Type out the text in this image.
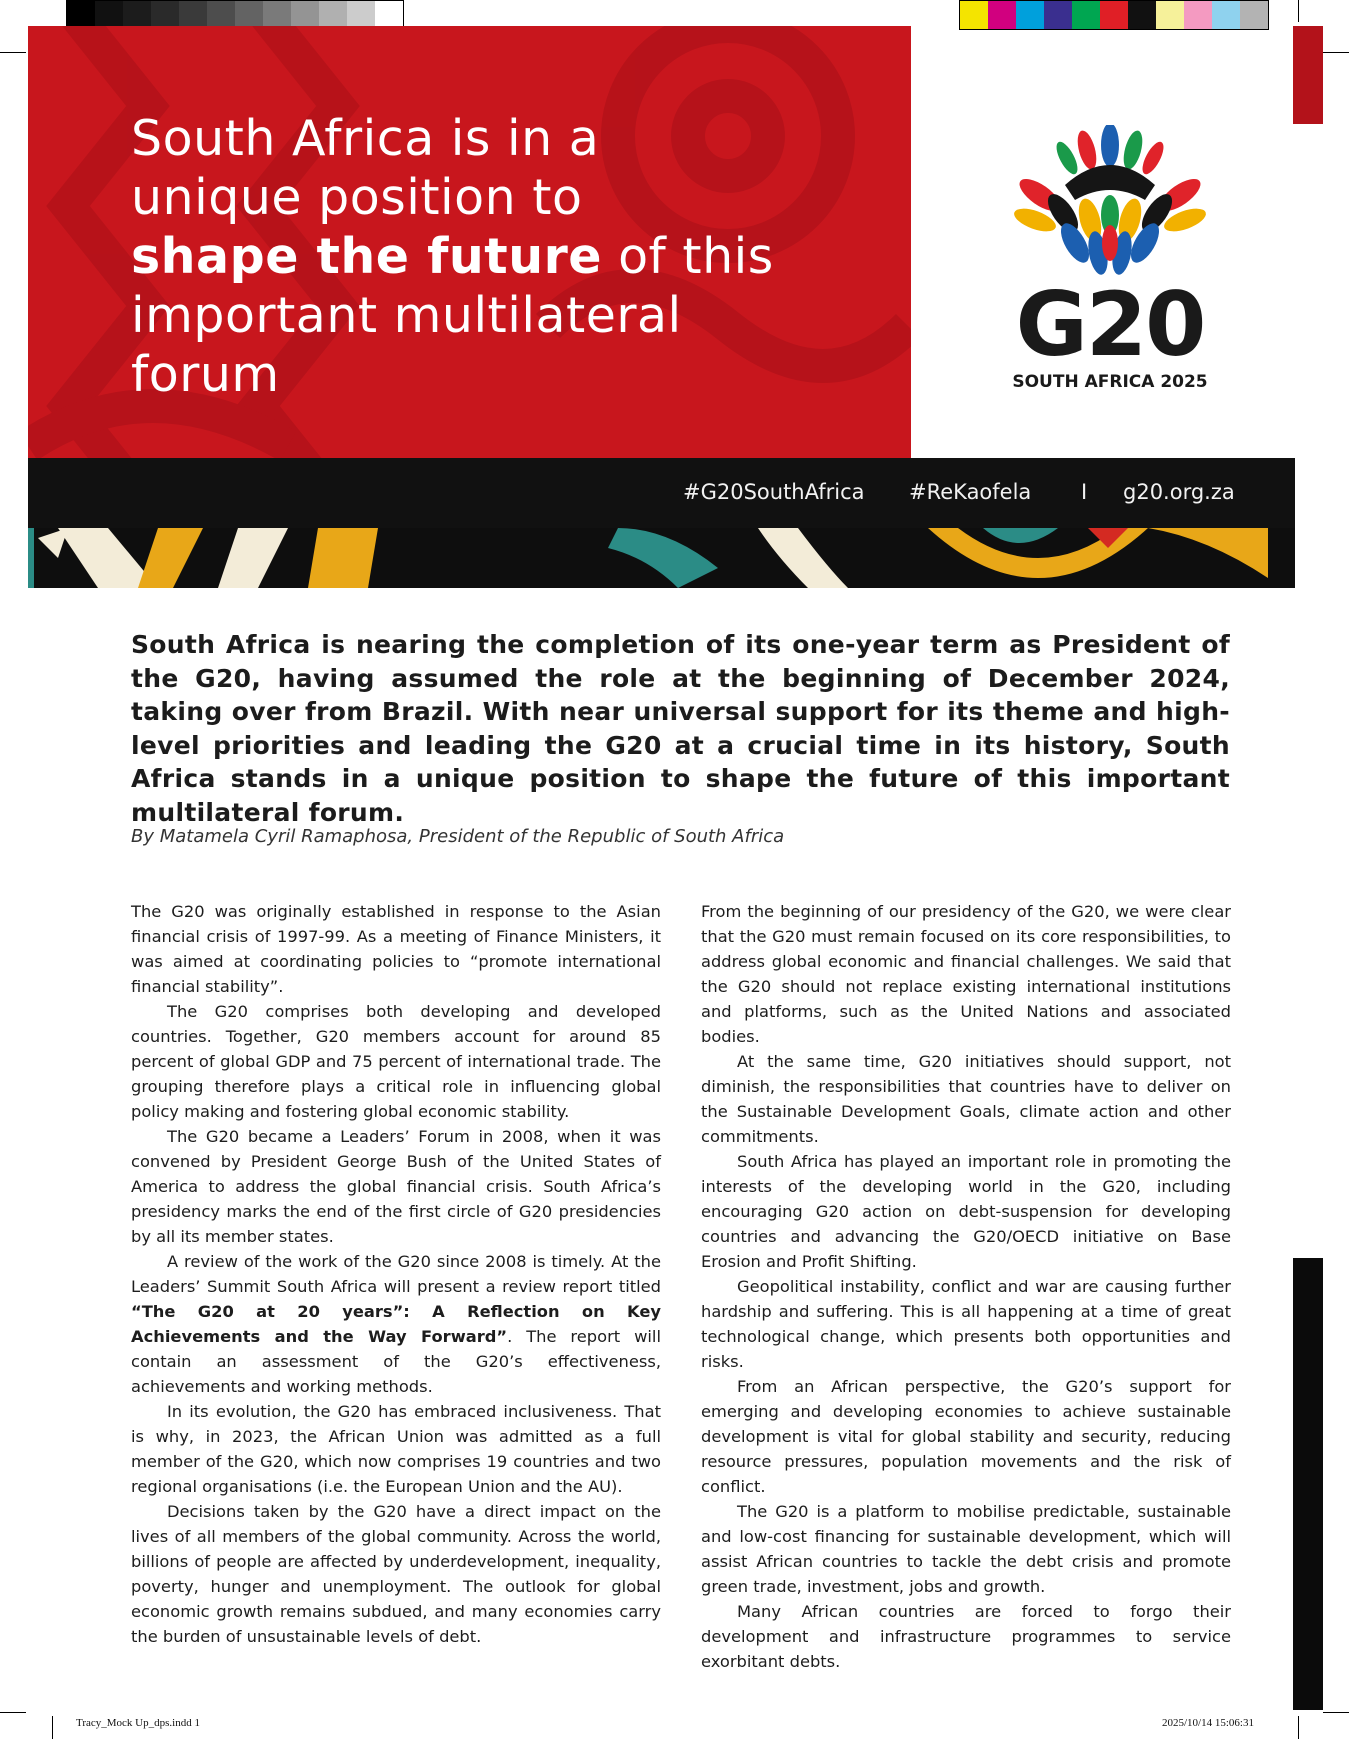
South Africa is in a
unique position to
shape the future of this
important multilateral
forum	G20
SOUTH AFRICA 2025
#G20SouthAfrica #ReKaofela I g20.org.za

South Africa is nearing the completion of its one-year term as President of the G20, having assumed the role at the beginning of December 2024, taking over from Brazil. With near universal support for its theme and high-level priorities and leading the G20 at a crucial time in its history, South Africa stands in a unique position to shape the future of this important multilateral forum.

By Matamela Cyril Ramaphosa, President of the Republic of South Africa

The G20 was originally established in response to the Asian financial crisis of 1997-99. As a meeting of Finance Ministers, it was aimed at coordinating policies to “promote international financial stability”.

The G20 comprises both developing and developed countries. Together, G20 members account for around 85 percent of global GDP and 75 percent of international trade. The grouping therefore plays a critical role in influencing global policy making and fostering global economic stability.

The G20 became a Leaders’ Forum in 2008, when it was convened by President George Bush of the United States of America to address the global financial crisis. South Africa’s presidency marks the end of the first circle of G20 presidencies by all its member states.

A review of the work of the G20 since 2008 is timely. At the Leaders’ Summit South Africa will present a review report titled “The G20 at 20 years”: A Reflection on Key Achievements and the Way Forward”. The report will contain an assessment of the G20’s effectiveness, achievements and working methods.

In its evolution, the G20 has embraced inclusiveness. That is why, in 2023, the African Union was admitted as a full member of the G20, which now comprises 19 countries and two regional organisations (i.e. the European Union and the AU).

Decisions taken by the G20 have a direct impact on the lives of all members of the global community. Across the world, billions of people are affected by underdevelopment, inequality, poverty, hunger and unemployment. The outlook for global economic growth remains subdued, and many economies carry the burden of unsustainable levels of debt.

From the beginning of our presidency of the G20, we were clear that the G20 must remain focused on its core responsibilities, to address global economic and financial challenges. We said that the G20 should not replace existing international institutions and platforms, such as the United Nations and associated bodies.

At the same time, G20 initiatives should support, not diminish, the responsibilities that countries have to deliver on the Sustainable Development Goals, climate action and other commitments.

South Africa has played an important role in promoting the interests of the developing world in the G20, including encouraging G20 action on debt-suspension for developing countries and advancing the G20/OECD initiative on Base Erosion and Profit Shifting.

Geopolitical instability, conflict and war are causing further hardship and suffering. This is all happening at a time of great technological change, which presents both opportunities and risks.

From an African perspective, the G20’s support for emerging and developing economies to achieve sustainable development is vital for global stability and security, reducing resource pressures, population movements and the risk of conflict.

The G20 is a platform to mobilise predictable, sustainable and low-cost financing for sustainable development, which will assist African countries to tackle the debt crisis and promote green trade, investment, jobs and growth.

Many African countries are forced to forgo their development and infrastructure programmes to service exorbitant debts.

Tracy_Mock Up_dps.indd 1	2025/10/14 15:06:31
